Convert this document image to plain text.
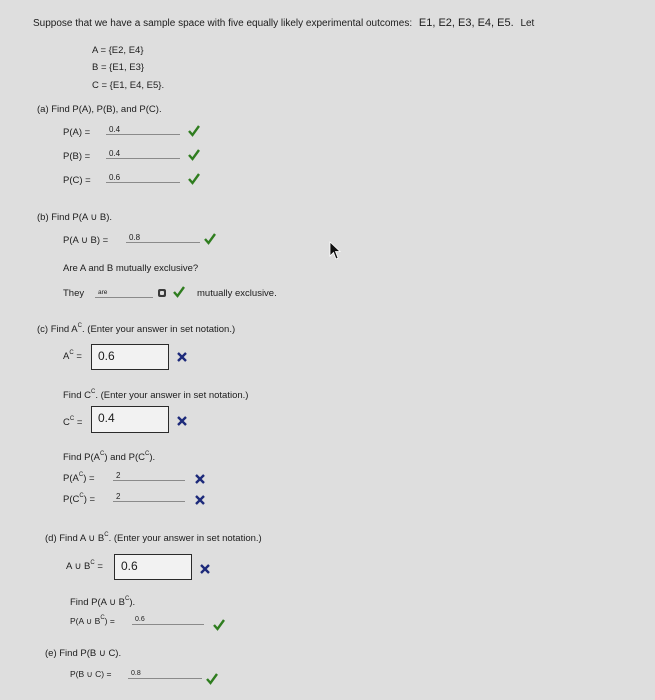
Suppose that we have a sample space with five equally likely experimental outcomes: E1, E2, E3, E4, E5. Let
A = {E2, E4}
B = {E1, E3}
C = {E1, E4, E5}.
(a) Find P(A), P(B), and P(C).
P(A) =	0.4
P(B) =	0.4
P(C) =	0.6
(b) Find P(A ∪ B).
P(A ∪ B) =	0.8
Are A and B mutually exclusive?
They	are	mutually exclusive.
(c) Find $A^C$. (Enter your answer in set notation.)
$A^C$ =	0.6
Find $C^C$. (Enter your answer in set notation.)
$C^C$ =	0.4
Find $P(A^C)$ and $P(C^C)$.
$P(A^C)$ =	2
$P(C^C)$ =	2
(d) Find A ∪ $B^C$. (Enter your answer in set notation.)
A ∪ $B^C$ =	0.6
Find P(A ∪ $B^C$).
P(A ∪ $B^C$) =	0.6
(e) Find P(B ∪ C).
P(B ∪ C) =	0.8
